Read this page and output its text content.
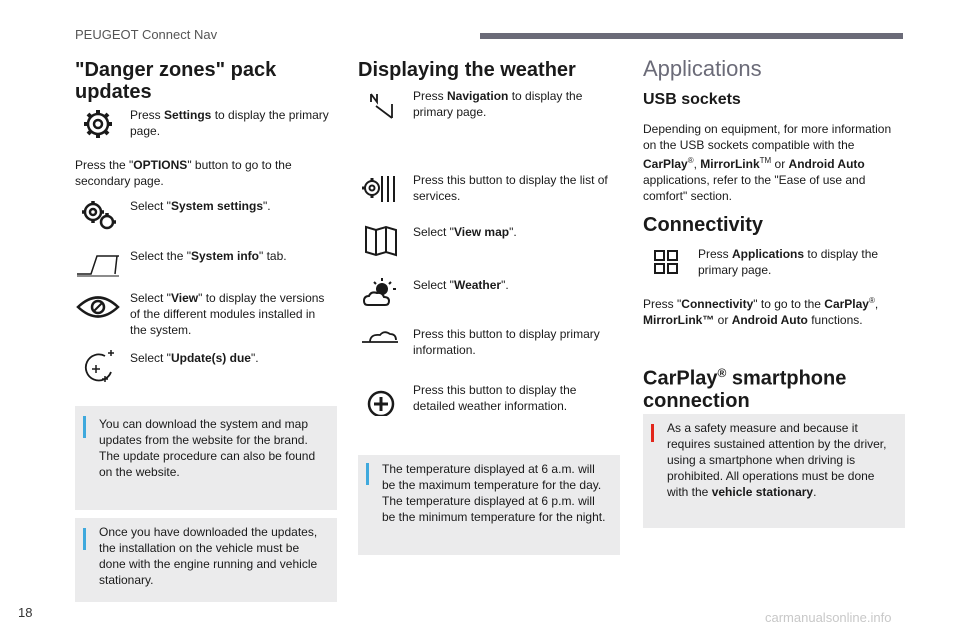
PEUGEOT Connect Nav
"Danger zones" pack updates
Press Settings to display the primary page.

Press the "OPTIONS" button to go to the secondary page.

Select "System settings".
Select the "System info" tab.
Select "View" to display the versions of the different modules installed in the system.
Select "Update(s) due".

You can download the system and map updates from the website for the brand. The update procedure can also be found on the website.

Once you have downloaded the updates, the installation on the vehicle must be done with the engine running and vehicle stationary.

Displaying the weather
Press Navigation to display the primary page.
Press this button to display the list of services.
Select "View map".
Select "Weather".
Press this button to display primary information.
Press this button to display the detailed weather information.

The temperature displayed at 6 a.m. will be the maximum temperature for the day. The temperature displayed at 6 p.m. will be the minimum temperature for the night.

Applications
USB sockets

Depending on equipment, for more information on the USB sockets compatible with the CarPlay®, MirrorLink™ or Android Auto applications, refer to the "Ease of use and comfort" section.

Connectivity
Press Applications to display the primary page.

Press "Connectivity" to go to the CarPlay®, MirrorLink™ or Android Auto functions.

CarPlay® smartphone connection

As a safety measure and because it requires sustained attention by the driver, using a smartphone when driving is prohibited. All operations must be done with the vehicle stationary.

18	carmanualsonline.info
